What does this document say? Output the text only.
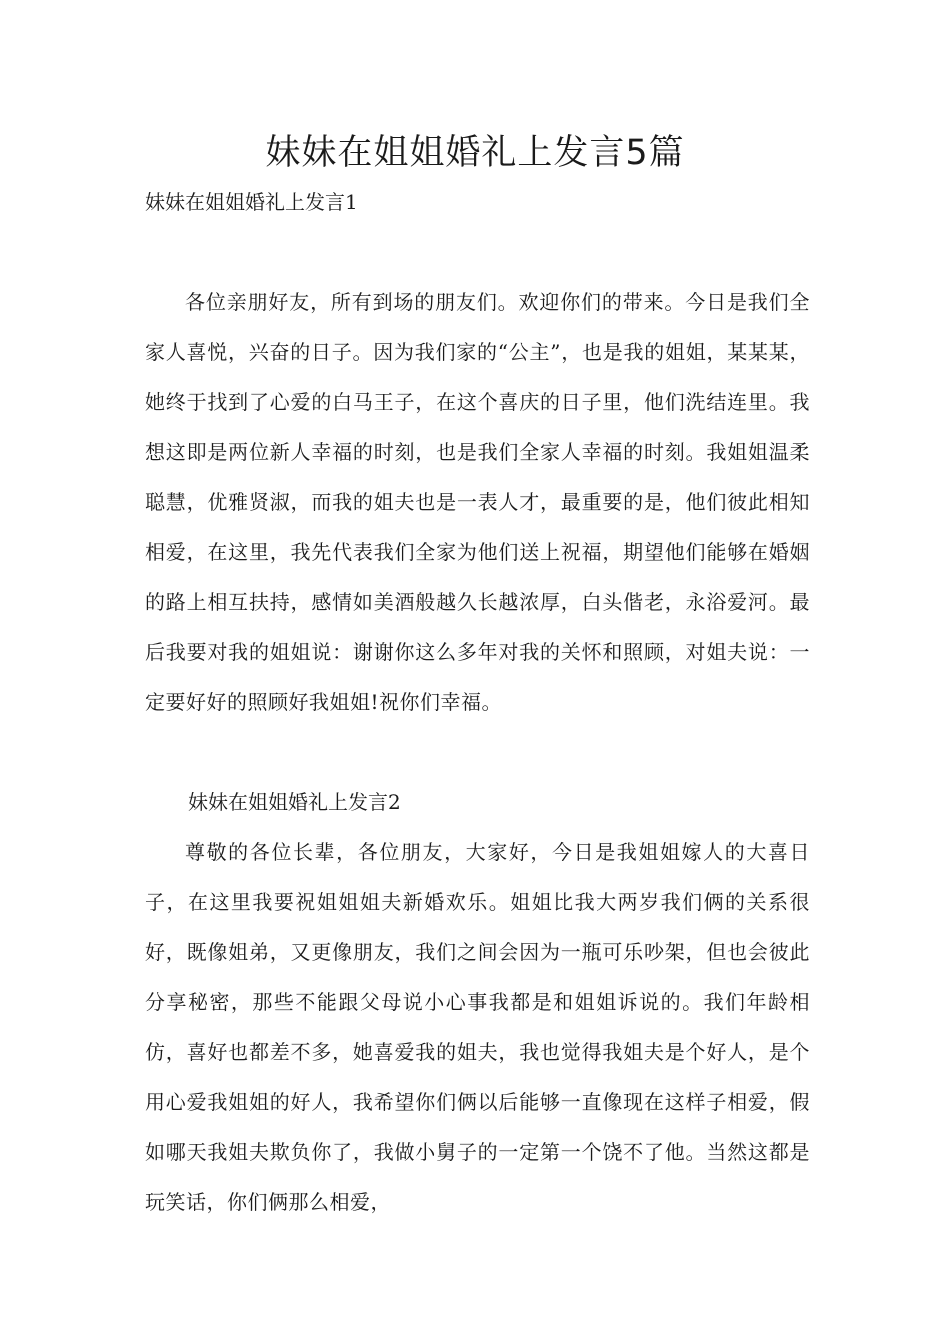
妹妹在姐姐婚礼上发言5篇
妹妹在姐姐婚礼上发言1

各位亲朋好友，所有到场的朋友们。欢迎你们的带来。今日是我们全家人喜悦，兴奋的日子。因为我们家的“公主”，也是我的姐姐，某某某，她终于找到了心爱的白马王子，在这个喜庆的日子里，他们洗结连里。我想这即是两位新人幸福的时刻，也是我们全家人幸福的时刻。我姐姐温柔聪慧，优雅贤淑，而我的姐夫也是一表人才，最重要的是，他们彼此相知相爱，在这里，我先代表我们全家为他们送上祝福，期望他们能够在婚姻的路上相互扶持，感情如美酒般越久长越浓厚，白头偕老，永浴爱河。最后我要对我的姐姐说：谢谢你这么多年对我的关怀和照顾，对姐夫说：一定要好好的照顾好我姐姐!祝你们幸福。

妹妹在姐姐婚礼上发言2

尊敬的各位长辈，各位朋友，大家好，今日是我姐姐嫁人的大喜日子，在这里我要祝姐姐姐夫新婚欢乐。姐姐比我大两岁我们俩的关系很好，既像姐弟，又更像朋友，我们之间会因为一瓶可乐吵架，但也会彼此分享秘密，那些不能跟父母说小心事我都是和姐姐诉说的。我们年龄相仿，喜好也都差不多，她喜爱我的姐夫，我也觉得我姐夫是个好人，是个用心爱我姐姐的好人，我希望你们俩以后能够一直像现在这样子相爱，假如哪天我姐夫欺负你了，我做小舅子的一定第一个饶不了他。当然这都是玩笑话，你们俩那么相爱，
